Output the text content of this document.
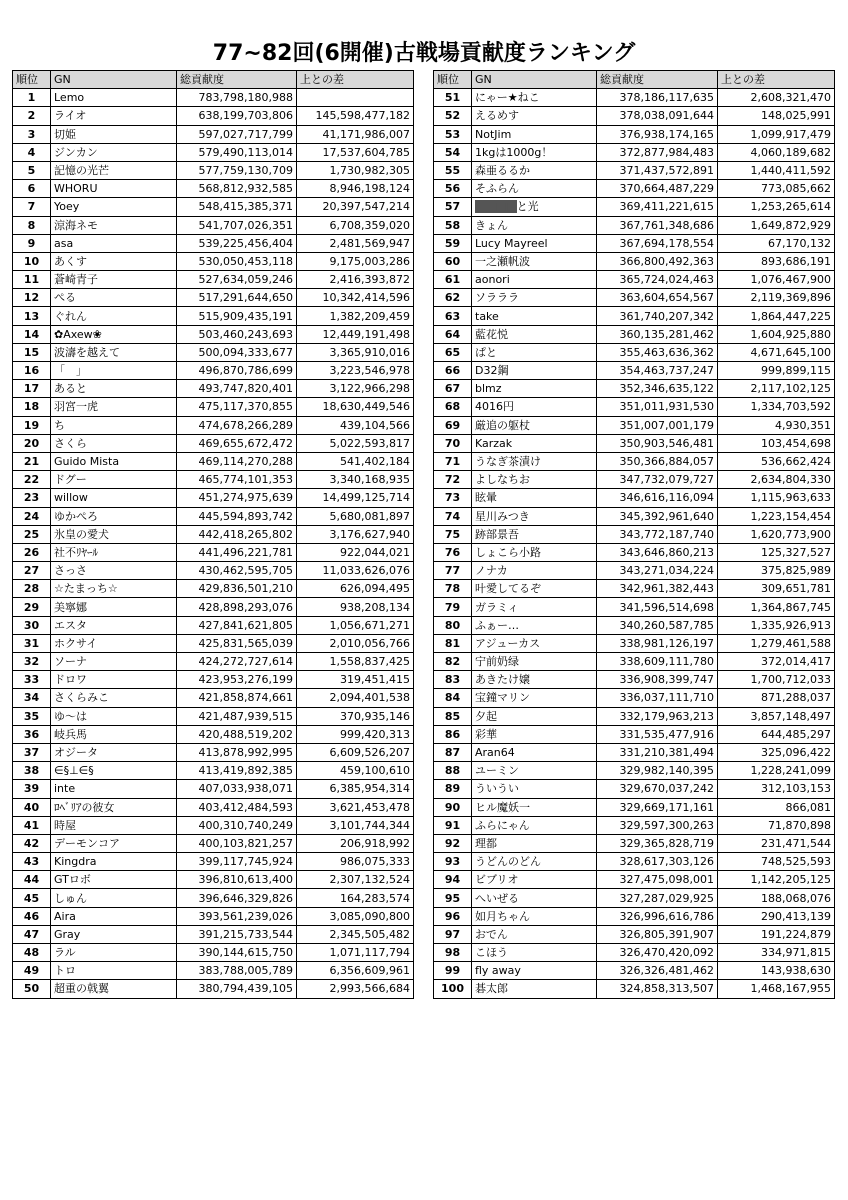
77~82回(6開催)古戦場貢献度ランキング
順位	GN	総貢献度	上との差
1	Lemo	783,798,180,988	
2	ライオ	638,199,703,806	145,598,477,182
3	切姫	597,027,717,799	41,171,986,007
4	ジンカン	579,490,113,014	17,537,604,785
5	記憶の光芒	577,759,130,709	1,730,982,305
6	WHORU	568,812,932,585	8,946,198,124
7	Yoey	548,415,385,371	20,397,547,214
8	涼海ネモ	541,707,026,351	6,708,359,020
9	asa	539,225,456,404	2,481,569,947
10	あくす	530,050,453,118	9,175,003,286
11	蒼崎青子	527,634,059,246	2,416,393,872
12	ぺる	517,291,644,650	10,342,414,596
13	ぐれん	515,909,435,191	1,382,209,459
14	✿Axew❀	503,460,243,693	12,449,191,498
15	波濤を越えて	500,094,333,677	3,365,910,016
16	「　」	496,870,786,699	3,223,546,978
17	あると	493,747,820,401	3,122,966,298
18	羽宮一虎	475,117,370,855	18,630,449,546
19	ち	474,678,266,289	439,104,566
20	さくら	469,655,672,472	5,022,593,817
21	Guido Mista	469,114,270,288	541,402,184
22	ドグー	465,774,101,353	3,340,168,935
23	willow	451,274,975,639	14,499,125,714
24	ゆかぺろ	445,594,893,742	5,680,081,897
25	氷皇の愛犬	442,418,265,802	3,176,627,940
26	社不ﾘﾔｰﾙ	441,496,221,781	922,044,021
27	さっさ	430,462,595,705	11,033,626,076
28	☆たまっち☆	429,836,501,210	626,094,495
29	美寧娜	428,898,293,076	938,208,134
30	エスタ	427,841,621,805	1,056,671,271
31	ホクサイ	425,831,565,039	2,010,056,766
32	ソーナ	424,272,727,614	1,558,837,425
33	ドロワ	423,953,276,199	319,451,415
34	さくらみこ	421,858,874,661	2,094,401,538
35	ゆ～は	421,487,939,515	370,935,146
36	岐兵馬	420,488,519,202	999,420,313
37	オジータ	413,878,992,995	6,609,526,207
38	∈§⊥∈§	413,419,892,385	459,100,610
39	inte	407,033,938,071	6,385,954,314
40	ﾛﾍﾞﾘｱの彼女	403,412,484,593	3,621,453,478
41	時屋	400,310,740,249	3,101,744,344
42	デーモンコア	400,103,821,257	206,918,992
43	Kingdra	399,117,745,924	986,075,333
44	GTロボ	396,810,613,400	2,307,132,524
45	しゅん	396,646,329,826	164,283,574
46	Aira	393,561,239,026	3,085,090,800
47	Gray	391,215,733,544	2,345,505,482
48	ラル	390,144,615,750	1,071,117,794
49	トロ	383,788,005,789	6,356,609,961
50	超重の戟翼	380,794,439,105	2,993,566,684
順位	GN	総貢献度	上との差
51	にゃー★ねこ	378,186,117,635	2,608,321,470
52	えるめす	378,038,091,644	148,025,991
53	NotJim	376,938,174,165	1,099,917,479
54	1kgは1000g！	372,877,984,483	4,060,189,682
55	森亜るるか	371,437,572,891	1,440,411,592
56	そふらん	370,664,487,229	773,085,662
57	■■■■と光	369,411,221,615	1,253,265,614
58	きょん	367,761,348,686	1,649,872,929
59	Lucy Mayreel	367,694,178,554	67,170,132
60	一之瀬帆波	366,800,492,363	893,686,191
61	aonori	365,724,024,463	1,076,467,900
62	ソラララ	363,604,654,567	2,119,369,896
63	take	361,740,207,342	1,864,447,225
64	藍花悦	360,135,281,462	1,604,925,880
65	ぱと	355,463,636,362	4,671,645,100
66	D32鋼	354,463,737,247	999,899,115
67	blmz	352,346,635,122	2,117,102,125
68	4016円	351,011,931,530	1,334,703,592
69	厳追の躯杖	351,007,001,179	4,930,351
70	Karzak	350,903,546,481	103,454,698
71	うなぎ茶漬け	350,366,884,057	536,662,424
72	よしなちお	347,732,079,727	2,634,804,330
73	眩暈	346,616,116,094	1,115,963,633
74	星川みつき	345,392,961,640	1,223,154,454
75	跡部景吾	343,772,187,740	1,620,773,900
76	しょこら小路	343,646,860,213	125,327,527
77	ノナカ	343,271,034,224	375,825,989
78	叶愛してるぞ	342,961,382,443	309,651,781
79	ガラミィ	341,596,514,698	1,364,867,745
80	ふぁー…	340,260,587,785	1,335,926,913
81	アジューカス	338,981,126,197	1,279,461,588
82	宁前奶绿	338,609,111,780	372,014,417
83	あきたけ嬢	336,908,399,747	1,700,712,033
84	宝鐘マリン	336,037,111,710	871,288,037
85	夕起	332,179,963,213	3,857,148,497
86	彩華	331,535,477,916	644,485,297
87	Aran64	331,210,381,494	325,096,422
88	ユーミン	329,982,140,395	1,228,241,099
89	ういうい	329,670,037,242	312,103,153
90	ヒル魔妖一	329,669,171,161	866,081
91	ふらにゃん	329,597,300,263	71,870,898
92	理都	329,365,828,719	231,471,544
93	うどんのどん	328,617,303,126	748,525,593
94	ビブリオ	327,475,098,001	1,142,205,125
95	へいぜる	327,287,029,925	188,068,076
96	如月ちゃん	326,996,616,786	290,413,139
97	おでん	326,805,391,907	191,224,879
98	こほう	326,470,420,092	334,971,815
99	fly away	326,326,481,462	143,938,630
100	碁太郎	324,858,313,507	1,468,167,955
